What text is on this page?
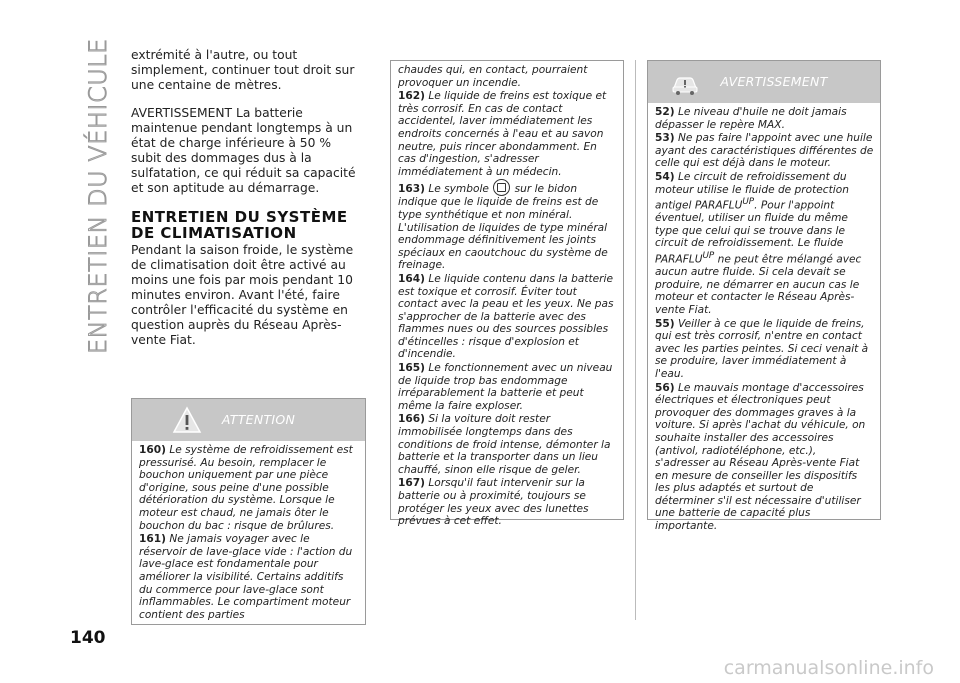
ENTRETIEN DU VÉHICULE extrémité à l'autre, ou tout simplement, continuer tout droit sur une centaine de mètres.

AVERTISSEMENT La batterie maintenue pendant longtemps à un état de charge inférieure à 50 % subit des dommages dus à la sulfatation, ce qui réduit sa capacité et son aptitude au démarrage.

ENTRETIEN DU SYSTÈME
DE CLIMATISATION

Pendant la saison froide, le système de climatisation doit être activé au moins une fois par mois pendant 10 minutes environ. Avant l'été, faire contrôler l'efficacité du système en question auprès du Réseau Après-vente Fiat.

ATTENTION

160) Le système de refroidissement est pressurisé. Au besoin, remplacer le bouchon uniquement par une pièce d'origine, sous peine d'une possible détérioration du système. Lorsque le moteur est chaud, ne jamais ôter le bouchon du bac : risque de brûlures.

161) Ne jamais voyager avec le réservoir de lave-glace vide : l'action du lave-glace est fondamentale pour améliorer la visibilité. Certains additifs du commerce pour lave-glace sont inflammables. Le compartiment moteur contient des parties

chaudes qui, en contact, pourraient provoquer un incendie.

162) Le liquide de freins est toxique et très corrosif. En cas de contact accidentel, laver immédiatement les endroits concernés à l'eau et au savon neutre, puis rincer abondamment. En cas d'ingestion, s'adresser immédiatement à un médecin.

163) Le symbole sur le bidon indique que le liquide de freins est de type synthétique et non minéral. L'utilisation de liquides de type minéral endommage définitivement les joints spéciaux en caoutchouc du système de freinage.

164) Le liquide contenu dans la batterie est toxique et corrosif. Éviter tout contact avec la peau et les yeux. Ne pas s'approcher de la batterie avec des flammes nues ou des sources possibles d'étincelles : risque d'explosion et d'incendie.

165) Le fonctionnement avec un niveau de liquide trop bas endommage irréparablement la batterie et peut même la faire exploser.

166) Si la voiture doit rester immobilisée longtemps dans des conditions de froid intense, démonter la batterie et la transporter dans un lieu chauffé, sinon elle risque de geler.

167) Lorsqu'il faut intervenir sur la batterie ou à proximité, toujours se protéger les yeux avec des lunettes prévues à cet effet.

AVERTISSEMENT

52) Le niveau d'huile ne doit jamais dépasser le repère MAX.

53) Ne pas faire l'appoint avec une huile ayant des caractéristiques différentes de celle qui est déjà dans le moteur.

54) Le circuit de refroidissement du moteur utilise le fluide de protection antigel $PARAFLU^{UP}$. Pour l'appoint éventuel, utiliser un fluide du même type que celui qui se trouve dans le circuit de refroidissement. Le fluide $PARAFLU^{UP}$ ne peut être mélangé avec aucun autre fluide. Si cela devait se produire, ne démarrer en aucun cas le moteur et contacter le Réseau Après-vente Fiat.

55) Veiller à ce que le liquide de freins, qui est très corrosif, n'entre en contact avec les parties peintes. Si ceci venait à se produire, laver immédiatement à l'eau.

56) Le mauvais montage d'accessoires électriques et électroniques peut provoquer des dommages graves à la voiture. Si après l'achat du véhicule, on souhaite installer des accessoires (antivol, radiotéléphone, etc.), s'adresser au Réseau Après-vente Fiat en mesure de conseiller les dispositifs les plus adaptés et surtout de déterminer s'il est nécessaire d'utiliser une batterie de capacité plus importante.

140
carmanualsonline.info
